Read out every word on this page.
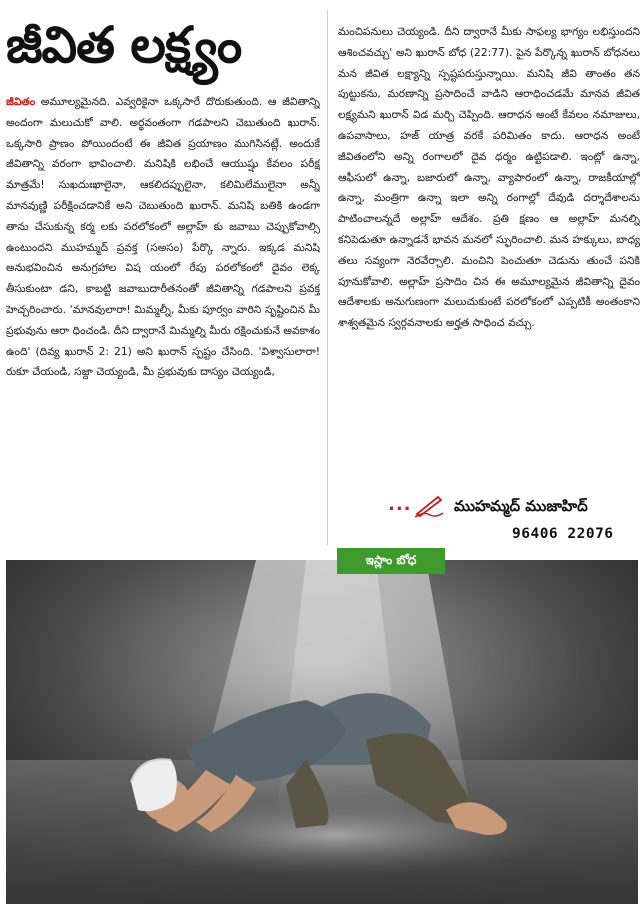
జీవిత లక్ష్యం

జీవితం అమూల్యమైనది. ఎవ్వరికైనా ఒక్కసారే దొరుకుతుంది. ఆ జీవితాన్ని అందంగా మలుచుకో వాలి. అర్థవంతంగా గడపాలని చెబుతుంది ఖురాన్. ఒక్కసారి ప్రాణం పోయిందంటే ఈ జీవిత ప్రయాణం ముగిసినట్లే. అందుకే జీవితాన్ని వరంగా భావించాలి. మనిషికి లభించే ఆయుష్షు కేవలం పరీక్ష మాత్రమే! సుఖదుఃఖాలైనా, ఆకలిదప్పులైనా, కలిమిలేములైనా అన్నీ మానవుణ్ణి పరీక్షించడానికే అని చెబుతుంది ఖురాన్. మనిషి బతికి ఉండగా తాను చేసుకున్న కర్మ లకు పరలోకంలో అల్లాహ్ కు జవాబు చెప్పుకోవాల్సి ఉంటుందని ముహమ్మద్ ప్రవక్త (సఅసం) పేర్కొ న్నారు. ఇక్కడ మనిషి అనుభవించిన అనుగ్రహాల విష యంలో రేపు పరలోకంలో దైవం లెక్క తీసుకుంటా డని, కాబట్టి జవాబుదారీతనంతో జీవితాన్ని గడపాలని ప్రవక్త హెచ్చరించారు. 'మానవులారా! మిమ్మల్నీ, మీకు పూర్వం వారిని సృష్టించిన మీ ప్రభువును ఆరా ధించండి. దీని ద్వారానే మిమ్మల్ని మీరు రక్షించుకునే అవకాశం ఉంది' (దివ్య ఖురాన్ 2: 21) అని ఖురాన్ స్పష్టం చేసింది. 'విశ్వాసులారా! రుకూ చేయండి, సజ్దా చెయ్యండి, మీ ప్రభువుకు దాస్యం చెయ్యండి,

మంచిపనులు చెయ్యండి. దీని ద్వారానే మీకు సాఫల్య భాగ్యం లభిస్తుందని ఆశించవచ్చు' అని ఖురాన్ బోధ (22:77). పైన పేర్కొన్న ఖురాన్ బోధనలు మన జీవిత లక్ష్యాన్ని స్పష్టపరుస్తున్నాయి. మనిషి జీవి తాంతం తన పుట్టుకను, మరణాన్ని ప్రసాదించే వాడిని ఆరాధించడమే మానవ జీవిత లక్ష్యమని ఖురాన్ విడ మర్చి చెప్పింది. ఆరాధన అంటే కేవలం నమాజులు, ఉపవాసాలు, హజ్ యాత్ర వరకే పరిమితం కాదు. ఆరాధన అంటే జీవితంలోని అన్ని రంగాలలో దైవ ధర్మం ఉట్టిపడాలి. ఇంట్లో ఉన్నా, ఆఫీసులో ఉన్నా, బజారులో ఉన్నా, వ్యాపారంలో ఉన్నా, రాజకీయాల్లో ఉన్నా, మంత్రిగా ఉన్నా ఇలా అన్ని రంగాల్లో దేవుడి దర్శాదేశాలను పాటించాలన్నదే అల్లాహ్ ఆదేశం. ప్రతి క్షణం ఆ అల్లాహ్ మనల్ని కనిపెడుతూ ఉన్నాడనే భావన మనలో స్ఫురించాలి. మన హక్కులు, బాధ్య తలు సవ్యంగా నెరవేర్చాలి. మంచిని పెంచుతూ చెడును తుంచే పనికి పూనుకోవాలి. అల్లాహ్ ప్రసాదిం చిన ఈ అమూల్యమైన జీవితాన్ని దైవం ఆదేశాలకు అనుగుణంగా మలుచుకుంటే పరలోకంలో ఎప్పటికీ అంతంకాని శాశ్వతమైన స్వర్గవనాలకు అర్హత సాధించ వచ్చు.

...	ముహమ్మద్ ముజాహిద్
96406 22076
ఇస్లాం బోధ
